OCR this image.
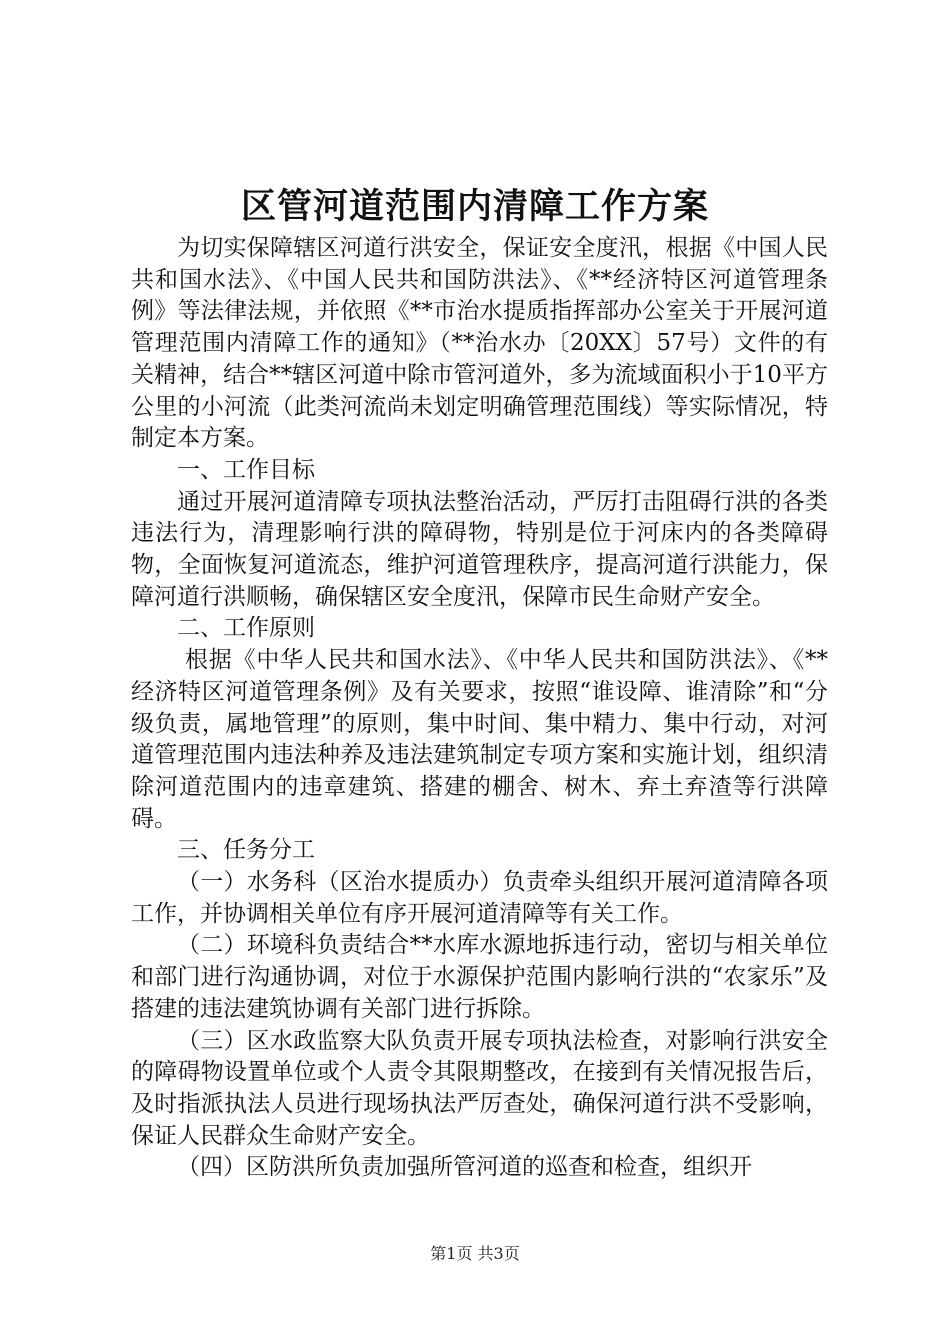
区管河道范围内清障工作方案

为切实保障辖区河道行洪安全，保证安全度汛，根据《中国人民共和国水法》、《中国人民共和国防洪法》、《**经济特区河道管理条例》等法律法规，并依照《**市治水提质指挥部办公室关于开展河道管理范围内清障工作的通知》（**治水办〔20XX〕57号）文件的有关精神，结合**辖区河道中除市管河道外，多为流域面积小于10平方公里的小河流（此类河流尚未划定明确管理范围线）等实际情况，特制定本方案。

一、工作目标

通过开展河道清障专项执法整治活动，严厉打击阻碍行洪的各类违法行为，清理影响行洪的障碍物，特别是位于河床内的各类障碍物，全面恢复河道流态，维护河道管理秩序，提高河道行洪能力，保障河道行洪顺畅，确保辖区安全度汛，保障市民生命财产安全。

二、工作原则

根据《中华人民共和国水法》、《中华人民共和国防洪法》、《**经济特区河道管理条例》及有关要求，按照“谁设障、谁清除”和“分级负责，属地管理”的原则，集中时间、集中精力、集中行动，对河道管理范围内违法种养及违法建筑制定专项方案和实施计划，组织清除河道范围内的违章建筑、搭建的棚舍、树木、弃土弃渣等行洪障碍。

三、任务分工

（一）水务科（区治水提质办）负责牵头组织开展河道清障各项工作，并协调相关单位有序开展河道清障等有关工作。

（二）环境科负责结合**水库水源地拆违行动，密切与相关单位和部门进行沟通协调，对位于水源保护范围内影响行洪的“农家乐”及搭建的违法建筑协调有关部门进行拆除。

（三）区水政监察大队负责开展专项执法检查，对影响行洪安全的障碍物设置单位或个人责令其限期整改，在接到有关情况报告后，及时指派执法人员进行现场执法严厉查处，确保河道行洪不受影响，保证人民群众生命财产安全。

（四）区防洪所负责加强所管河道的巡查和检查，组织开

第1页 共3页
